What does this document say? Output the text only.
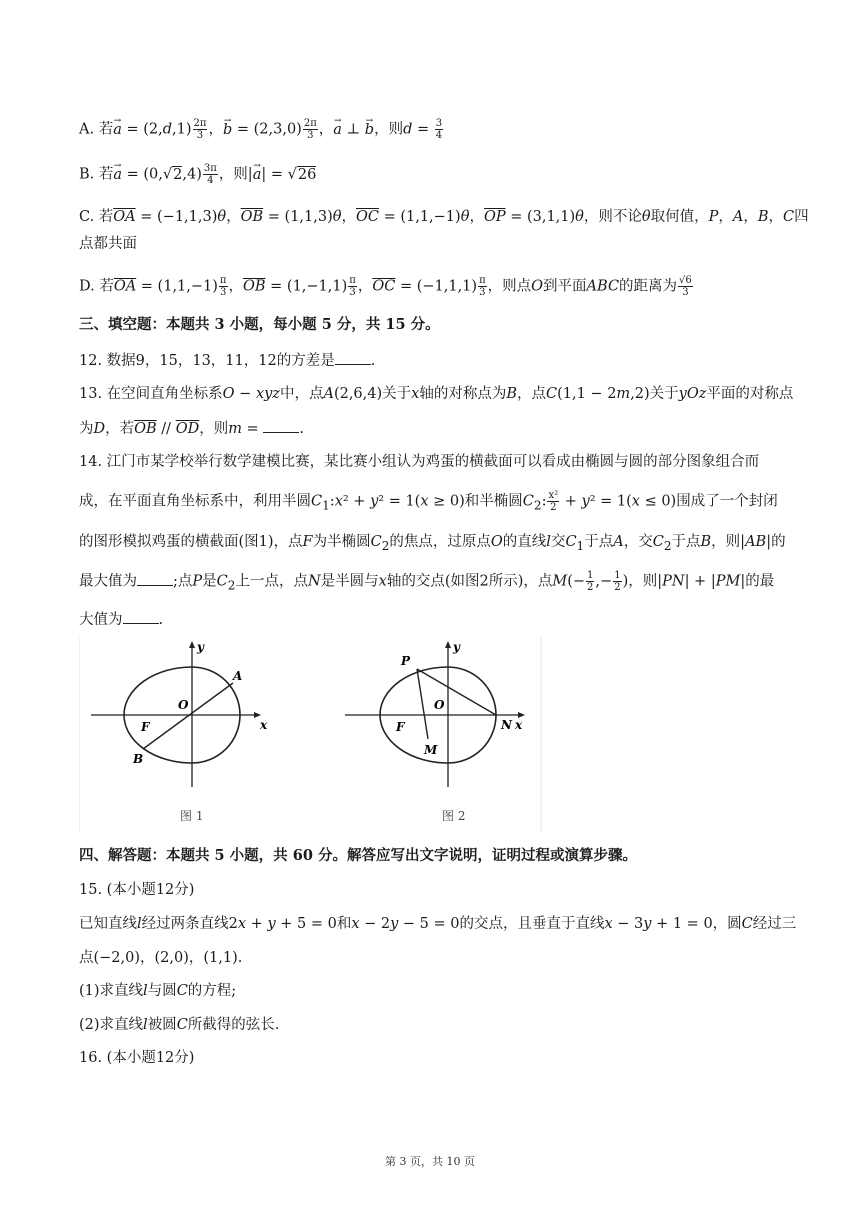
A. 若→ $a = (2,d,1) \frac{2\pi}{3}$ ，→ $b = (2,3,0) \frac{2\pi}{3}$ ，→ a ⊥ → b，则$d = \frac{3}{4}$
B. 若→ $a = (0,√2,4) \frac{3\pi}{4}$ ，则|→ a| = √26
C. 若$\overline{OA} = (-1,1,3)\theta$，$\overline{OB} = (1,1,3)\theta$，$\overline{OC} = (1,1,-1)\theta$，$\overline{OP} = (3,1,1)\theta$，则不论θ取何值，P，A，B，C四
点都共面
D. 若$\overline{OA} = (1,1,-1) \frac{\pi}{3}$ ，$\overline{OB} = (1,-1,1) \frac{\pi}{3}$ ，$\overline{OC} = (-1,1,1) \frac{\pi}{3}$ ，则点O到平面ABC的距离为 $\frac{√6}{3}$
三、填空题：本题共 3 小题，每小题 5 分，共 15 分。
12. 数据9，15，13，11，12的方差是 .
13. 在空间直角坐标系O − xyz中，点A(2,6,4)关于x轴的对称点为B，点C(1,1 − 2m,2)关于yOz平面的对称点
为D，若$\overline{OB} // \overline{OD}$，则m = .
14. 江门市某学校举行数学建模比赛，某比赛小组认为鸡蛋的横截面可以看成由椭圆与圆的部分图象组合而
成，在平面直角坐标系中，利用半圆$C_1:x^2 + y^2 = 1(x \ge 0)$和半椭圆$C_2$: $\frac{\text{x²}}{2} + y^2 = 1(x \le 0)$围成了一个封闭
的图形模拟鸡蛋的横截面(图1)，点F为半椭圆$C_2$的焦点，过原点O的直线l交$C_1$于点A，交$C_2$于点B，则|AB|的
最大值为 ;点P是$C_2$上一点，点N是半圆与x轴的交点(如图2所示)，点$M(- \frac{1}{2}$ ,− $\frac{1}{2}$ )，则|PN| + |PM|的最
大值为 .
y
x
O
A
F
B
图 1
y
x
O
P
F
M
N
图 2
四、解答题：本题共 5 小题，共 60 分。解答应写出文字说明，证明过程或演算步骤。
15. (本小题12分)
已知直线l经过两条直线2x + y + 5 = 0和x − 2y − 5 = 0的交点，且垂直于直线x − 3y + 1 = 0，圆C经过三
点(−2,0)，(2,0)，(1,1).
(1)求直线l与圆C的方程;
(2)求直线l被圆C所截得的弦长.
16. (本小题12分)
第 3 页，共 10 页
